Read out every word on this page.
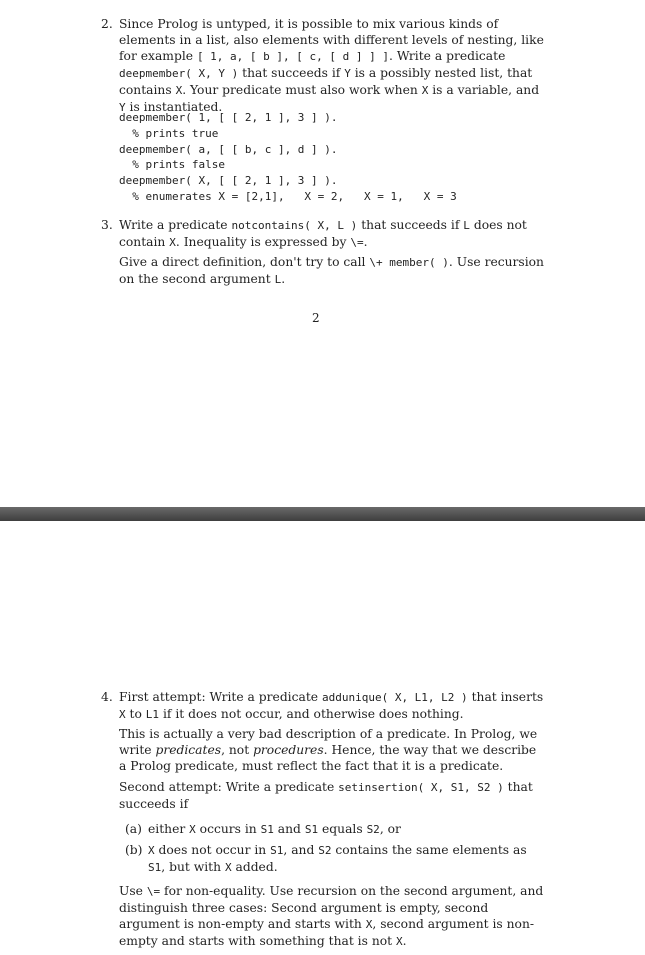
2. Since Prolog is untyped, it is possible to mix various kinds of elements in a list, also elements with different levels of nesting, like for example [ 1, a, [ b ], [ c, [ d ] ] ]. Write a predicate deepmember( X, Y ) that succeeds if Y is a possibly nested list, that contains X. Your predicate must also work when X is a variable, and Y is instantiated.

deepmember( 1, [ [ 2, 1 ], 3 ] ).
% prints true
deepmember( a, [ [ b, c ], d ] ).
% prints false
deepmember( X, [ [ 2, 1 ], 3 ] ).
% enumerates X = [2,1],   X = 2,   X = 1,   X = 3
3. Write a predicate notcontains( X, L ) that succeeds if L does not contain X. Inequality is expressed by \=.

Give a direct definition, don't try to call \+ member( ). Use recursion on the second argument L.

2
4. First attempt: Write a predicate addunique( X, L1, L2 ) that inserts X to L1 if it does not occur, and otherwise does nothing.

This is actually a very bad description of a predicate. In Prolog, we write predicates, not procedures. Hence, the way that we describe a Prolog predicate, must reflect the fact that it is a predicate.

Second attempt: Write a predicate setinsertion( X, S1, S2 ) that succeeds if

(a) either X occurs in S1 and S1 equals S2, or

(b) X does not occur in S1, and S2 contains the same elements as S1, but with X added.

Use \= for non-equality. Use recursion on the second argument, and distinguish three cases: Second argument is empty, second argument is non-empty and starts with X, second argument is non-empty and starts with something that is not X.
